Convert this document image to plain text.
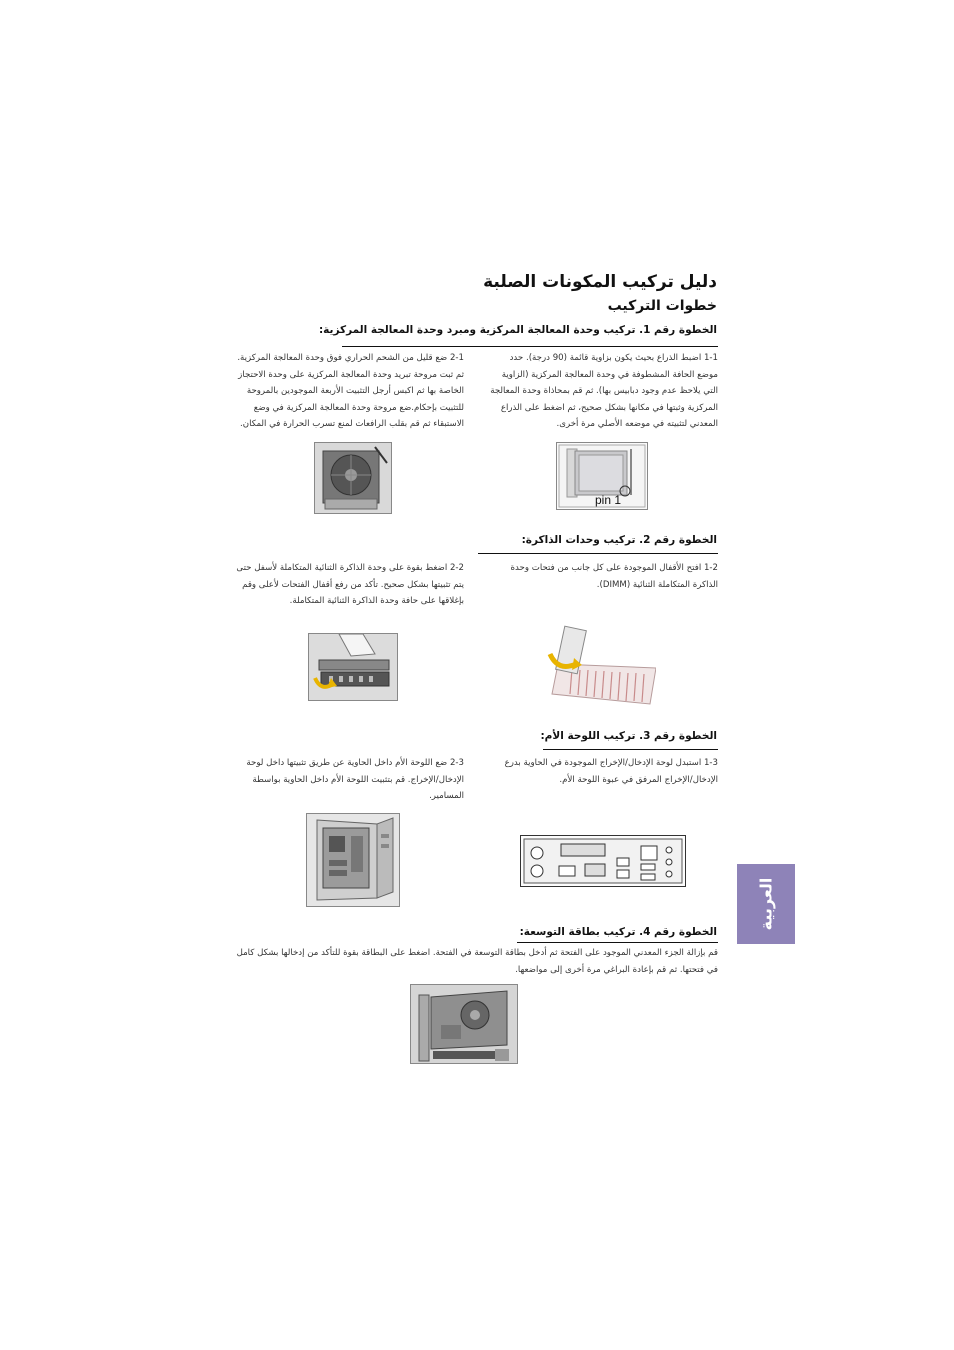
دليل تركيب المكونات الصلبة
خطوات التركيب
الخطوة رقم 1. تركيب وحدة المعالجة المركزية ومبرد وحدة المعالجة المركزية:
1-1 اضبط الذراع بحيث يكون بزاوية قائمة (90 درجة). حدد موضع الحافة المشطوفة في وحدة المعالجة المركزية (الزاوية التي يلاحظ عدم وجود دبابيس بها). ثم قم بمحاذاة وحدة المعالجة المركزية وثبتها في مكانها بشكل صحيح، ثم اضغط على الذراع المعدني لتثبيته في موضعه الأصلي مرة أخرى.
2-1 ضع قليل من الشحم الحراري فوق وحدة المعالجة المركزية. ثم ثبت مروحة تبريد وحدة المعالجة المركزية على وحدة الاحتجاز الخاصة بها ثم اكبس أرجل التثبيت الأربعة الموجودين بالمروحة للتثبيت بإحكام.ضع مروحة وحدة المعالجة المركزية في وضع الاستبقاء ثم قم بقلب الرافعات لمنع تسرب الحرارة في المكان.
pin 1
الخطوة رقم 2. تركيب وحدات الذاكرة:
1-2 افتح الأقفال الموجودة على كل جانب من فتحات وحدة الذاكرة المتكاملة الثنائية (DIMM).
2-2 اضغط بقوة على وحدة الذاكرة الثنائية المتكاملة لأسفل حتى يتم تثبيتها بشكل صحيح. تأكد من رفع أقفال الفتحات لأعلى وقم بإغلاقها على حافة وحدة الذاكرة الثنائية المتكاملة.
الخطوة رقم 3. تركيب اللوحة الأم:
1-3 استبدل لوحة الإدخال/الإخراج الموجودة في الحاوية بدرع الإدخال/الإخراج المرفق في عبوة اللوحة الأم.
2-3 ضع اللوحة الأم داخل الحاوية عن طريق تثبيتها داخل لوحة الإدخال/الإخراج. قم بتثبيت اللوحة الأم داخل الحاوية بواسطة المسامير.
الخطوة رقم 4. تركيب بطاقة التوسعة:
قم بإزالة الجزء المعدني الموجود على الفتحة ثم أدخل بطاقة التوسعة في الفتحة. اضغط على البطاقة بقوة للتأكد من إدخالها بشكل كامل في فتحتها. ثم قم بإعادة البراغي مرة أخرى إلى مواضعها.
العربية
